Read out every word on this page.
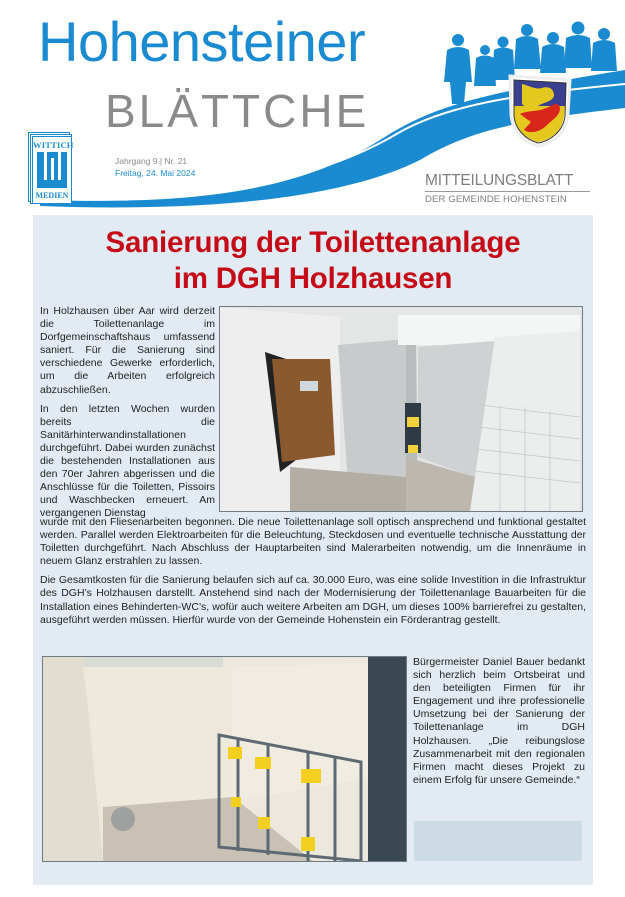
Hohensteiner
BLÄTTCHE
WITTICH
MEDIEN
Jahrgang 9 | Nr. 21
Freitag, 24. Mai 2024	MITTEILUNGSBLATT
DER GEMEINDE HOHENSTEIN
Sanierung der Toilettenanlage
im DGH Holzhausen

In Holzhausen über Aar wird derzeit die Toilettenanlage im Dorfgemeinschaftshaus umfassend saniert. Für die Sanierung sind verschiedene Gewerke erforderlich, um die Arbeiten erfolgreich abzuschließen.

In den letzten Wochen wurden bereits die Sanitärhinterwandinstallationen durchgeführt. Dabei wurden zunächst die bestehenden Installationen aus den 70er Jahren abgerissen und die Anschlüsse für die Toiletten, Pissoirs und Waschbecken erneuert. Am vergangenen Dienstag

wurde mit den Fliesenarbeiten begonnen. Die neue Toilettenanlage soll optisch ansprechend und funktional gestaltet werden. Parallel werden Elektroarbeiten für die Beleuchtung, Steckdosen und eventuelle technische Ausstattung der Toiletten durchgeführt. Nach Abschluss der Hauptarbeiten sind Malerarbeiten notwendig, um die Innenräume in neuem Glanz erstrahlen zu lassen.

Die Gesamtkosten für die Sanierung belaufen sich auf ca. 30.000 Euro, was eine solide Investition in die Infrastruktur des DGH’s Holzhausen darstellt. Anstehend sind nach der Modernisierung der Toilettenanlage Bauarbeiten für die Installation eines Behinderten-WC’s, wofür auch weitere Arbeiten am DGH, um dieses 100% barrierefrei zu gestalten, ausgeführt werden müssen. Hierfür wurde von der Gemeinde Hohenstein ein Förderantrag gestellt.

Bürgermeister Daniel Bauer bedankt sich herzlich beim Ortsbeirat und den beteiligten Firmen für ihr Engagement und ihre professionelle Umsetzung bei der Sanierung der Toilettenanlage im DGH Holzhausen. „Die reibungslose Zusammenarbeit mit den regionalen Firmen macht dieses Projekt zu einem Erfolg für unsere Gemeinde.“
